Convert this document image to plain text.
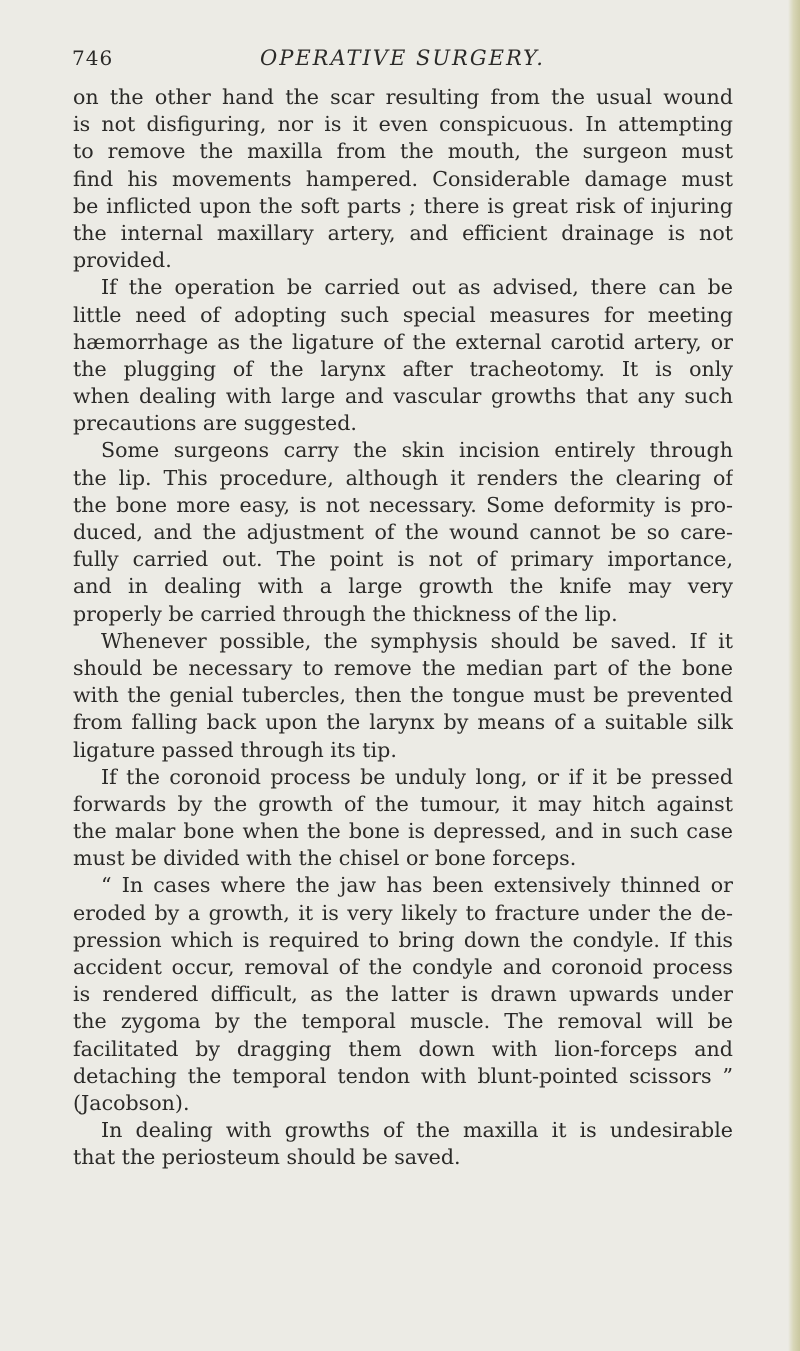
746	OPERATIVE SURGERY.
on the other hand the scar resulting from the usual wound
is not disfiguring, nor is it even conspicuous. In attempting
to remove the maxilla from the mouth, the surgeon must
find his movements hampered. Considerable damage must
be inflicted upon the soft parts ; there is great risk of injuring
the internal maxillary artery, and efficient drainage is not
provided.
If the operation be carried out as advised, there can be
little need of adopting such special measures for meeting
hæmorrhage as the ligature of the external carotid artery, or
the plugging of the larynx after tracheotomy. It is only
when dealing with large and vascular growths that any such
precautions are suggested.
Some surgeons carry the skin incision entirely through
the lip. This procedure, although it renders the clearing of
the bone more easy, is not necessary. Some deformity is pro-
duced, and the adjustment of the wound cannot be so care-
fully carried out. The point is not of primary importance,
and in dealing with a large growth the knife may very
properly be carried through the thickness of the lip.
Whenever possible, the symphysis should be saved. If it
should be necessary to remove the median part of the bone
with the genial tubercles, then the tongue must be prevented
from falling back upon the larynx by means of a suitable silk
ligature passed through its tip.
If the coronoid process be unduly long, or if it be pressed
forwards by the growth of the tumour, it may hitch against
the malar bone when the bone is depressed, and in such case
must be divided with the chisel or bone forceps.
“ In cases where the jaw has been extensively thinned or
eroded by a growth, it is very likely to fracture under the de-
pression which is required to bring down the condyle. If this
accident occur, removal of the condyle and coronoid process
is rendered difficult, as the latter is drawn upwards under
the zygoma by the temporal muscle. The removal will be
facilitated by dragging them down with lion-forceps and
detaching the temporal tendon with blunt-pointed scissors ”
(Jacobson).
In dealing with growths of the maxilla it is undesirable
that the periosteum should be saved.
